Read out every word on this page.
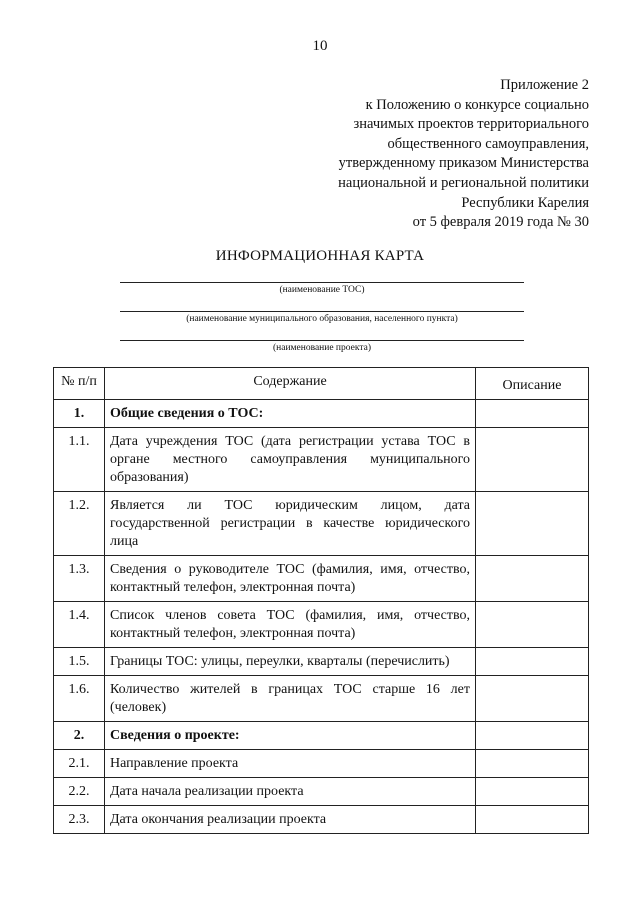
10
Приложение 2
к Положению о конкурсе социально
значимых проектов территориального
общественного самоуправления,
утвержденному приказом Министерства
национальной и региональной политики
Республики Карелия
от 5 февраля 2019 года № 30
ИНФОРМАЦИОННАЯ КАРТА
(наименование ТОС)
(наименование муниципального образования, населенного пункта)
(наименование проекта)
№ п/п	Содержание	Описание
1.	Общие сведения о ТОС:	
1.1.	Дата учреждения ТОС (дата регистрации устава ТОС в органе местного самоуправления муниципального образования)	
1.2.	Является ли ТОС юридическим лицом, дата государственной регистрации в качестве юридического лица	
1.3.	Сведения о руководителе ТОС (фамилия, имя, отчество, контактный телефон, электронная почта)	
1.4.	Список членов совета ТОС (фамилия, имя, отчество, контактный телефон, электронная почта)	
1.5.	Границы ТОС: улицы, переулки, кварталы (перечислить)	
1.6.	Количество жителей в границах ТОС старше 16 лет (человек)	
2.	Сведения о проекте:	
2.1.	Направление проекта	
2.2.	Дата начала реализации проекта	
2.3.	Дата окончания реализации проекта	
